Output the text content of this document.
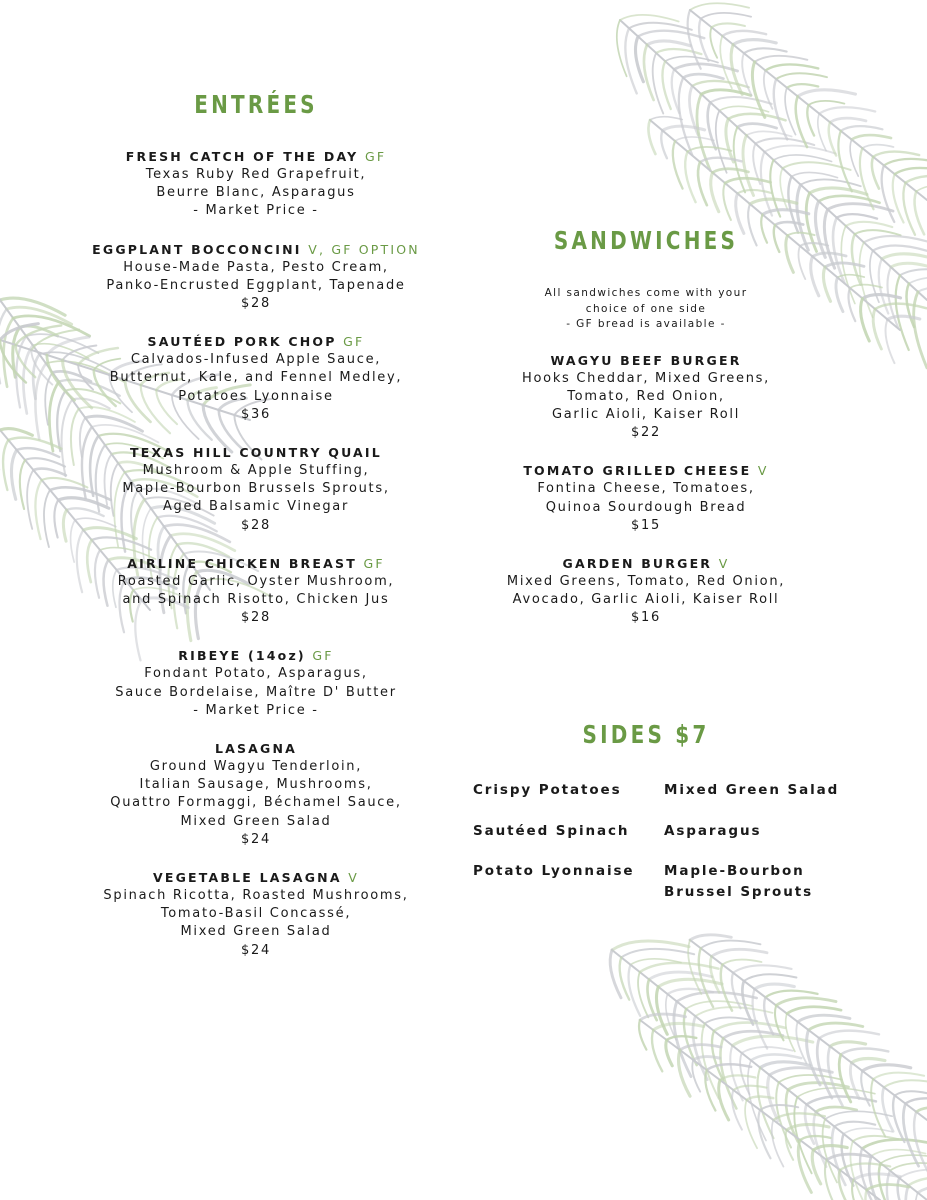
ENTRÉES
FRESH CATCH OF THE DAY GF
Texas Ruby Red Grapefruit,
Beurre Blanc, Asparagus
- Market Price -
EGGPLANT BOCCONCINI V, GF OPTION
House-Made Pasta, Pesto Cream,
Panko-Encrusted Eggplant, Tapenade
$28
SAUTÉED PORK CHOP GF
Calvados-Infused Apple Sauce,
Butternut, Kale, and Fennel Medley,
Potatoes Lyonnaise
$36
TEXAS HILL COUNTRY QUAIL
Mushroom & Apple Stuffing,
Maple-Bourbon Brussels Sprouts,
Aged Balsamic Vinegar
$28
AIRLINE CHICKEN BREAST GF
Roasted Garlic, Oyster Mushroom,
and Spinach Risotto, Chicken Jus
$28
RIBEYE (14oz) GF
Fondant Potato, Asparagus,
Sauce Bordelaise, Maître D' Butter
- Market Price -
LASAGNA
Ground Wagyu Tenderloin,
Italian Sausage, Mushrooms,
Quattro Formaggi, Béchamel Sauce,
Mixed Green Salad
$24
VEGETABLE LASAGNA V
Spinach Ricotta, Roasted Mushrooms,
Tomato-Basil Concassé,
Mixed Green Salad
$24
SANDWICHES
All sandwiches come with your
choice of one side
- GF bread is available -
WAGYU BEEF BURGER
Hooks Cheddar, Mixed Greens,
Tomato, Red Onion,
Garlic Aioli, Kaiser Roll
$22
TOMATO GRILLED CHEESE V
Fontina Cheese, Tomatoes,
Quinoa Sourdough Bread
$15
GARDEN BURGER V
Mixed Greens, Tomato, Red Onion,
Avocado, Garlic Aioli, Kaiser Roll
$16
SIDES $7
Crispy Potatoes	Mixed Green Salad
Sautéed Spinach	Asparagus
Potato Lyonnaise	Maple-Bourbon
Brussel Sprouts
